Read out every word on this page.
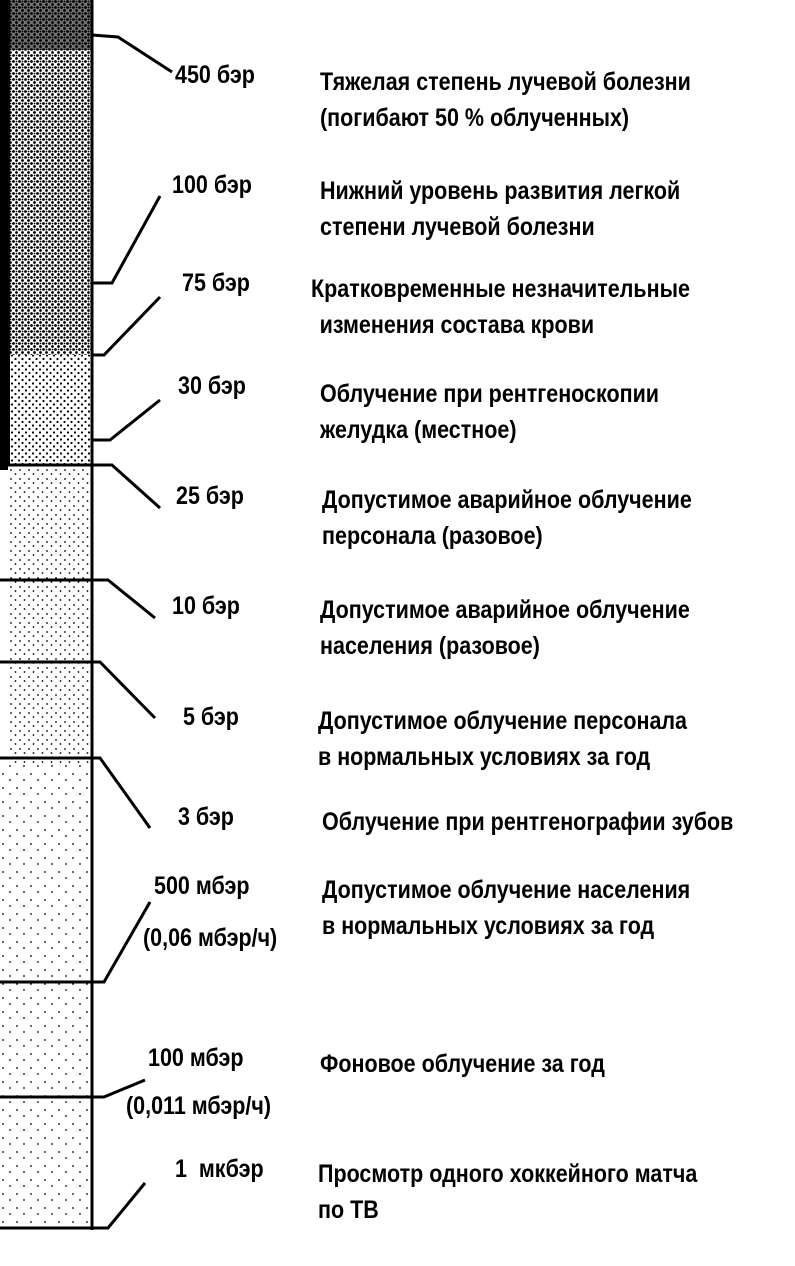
450 бэр
100 бэр
75 бэр
30 бэр
25 бэр
10 бэр
5 бэр
3 бэр
500 мбэр
(0,06 мбэр/ч)
100 мбэр
(0,011 мбэр/ч)
1  мкбэр
Тяжелая степень лучевой болезни
(погибают 50 % облученных)
Нижний уровень развития легкой
степени лучевой болезни
Кратковременные незначительные
изменения состава крови
Облучение при рентгеноскопии
желудка (местное)
Допустимое аварийное облучение
персонала (разовое)
Допустимое аварийное облучение
населения (разовое)
Допустимое облучение персонала
в нормальных условиях за год
Облучение при рентгенографии зубов
Допустимое облучение населения
в нормальных условиях за год
Фоновое облучение за год
Просмотр одного хоккейного матча
по ТВ
